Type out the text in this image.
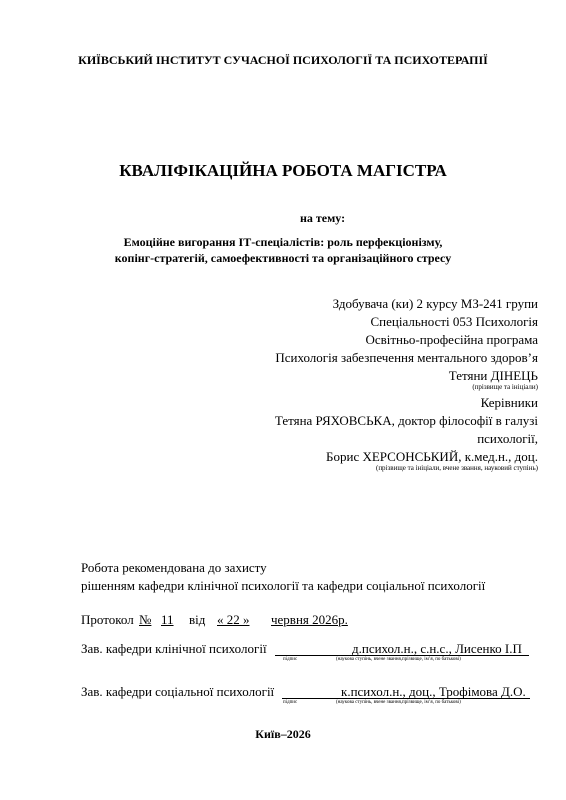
КИЇВСЬКИЙ ІНСТИТУТ СУЧАСНОЇ ПСИХОЛОГІЇ ТА ПСИХОТЕРАПІЇ
КВАЛІФІКАЦІЙНА РОБОТА МАГІСТРА
на тему:
Емоційне вигорання ІТ-спеціалістів: роль перфекціонізму,
копінг-стратегій, самоефективності та організаційного стресу
Здобувача (ки) 2 курсу МЗ-241 групи
Спеціальності 053 Психологія
Освітньо-професійна програма
Психологія забезпечення ментального здоров’я
Тетяни ДІНЕЦЬ
(прізвище та ініціали)
Керівники
Тетяна РЯХОВСЬКА, доктор філософії в галузі
психології,
Борис ХЕРСОНСЬКИЙ, к.мед.н., доц.
(прізвище та ініціали, вчене звання, науковий ступінь)
Робота рекомендована до захисту
рішенням кафедри клінічної психології та кафедри соціальної психології
Протокол № 11 від « 22 » червня 2026р.
Зав. кафедри клінічної психології	д.психол.н., с.н.с., Лисенко І.П
підпис	(наукова ступінь, вчене звання,прізвище, ім’я, по батькові)
Зав. кафедри соціальної психології	к.психол.н., доц., Трофімова Д.О.
підпис	(наукова ступінь, вчене звання,прізвище, ім’я, по батькові)
Київ–2026
